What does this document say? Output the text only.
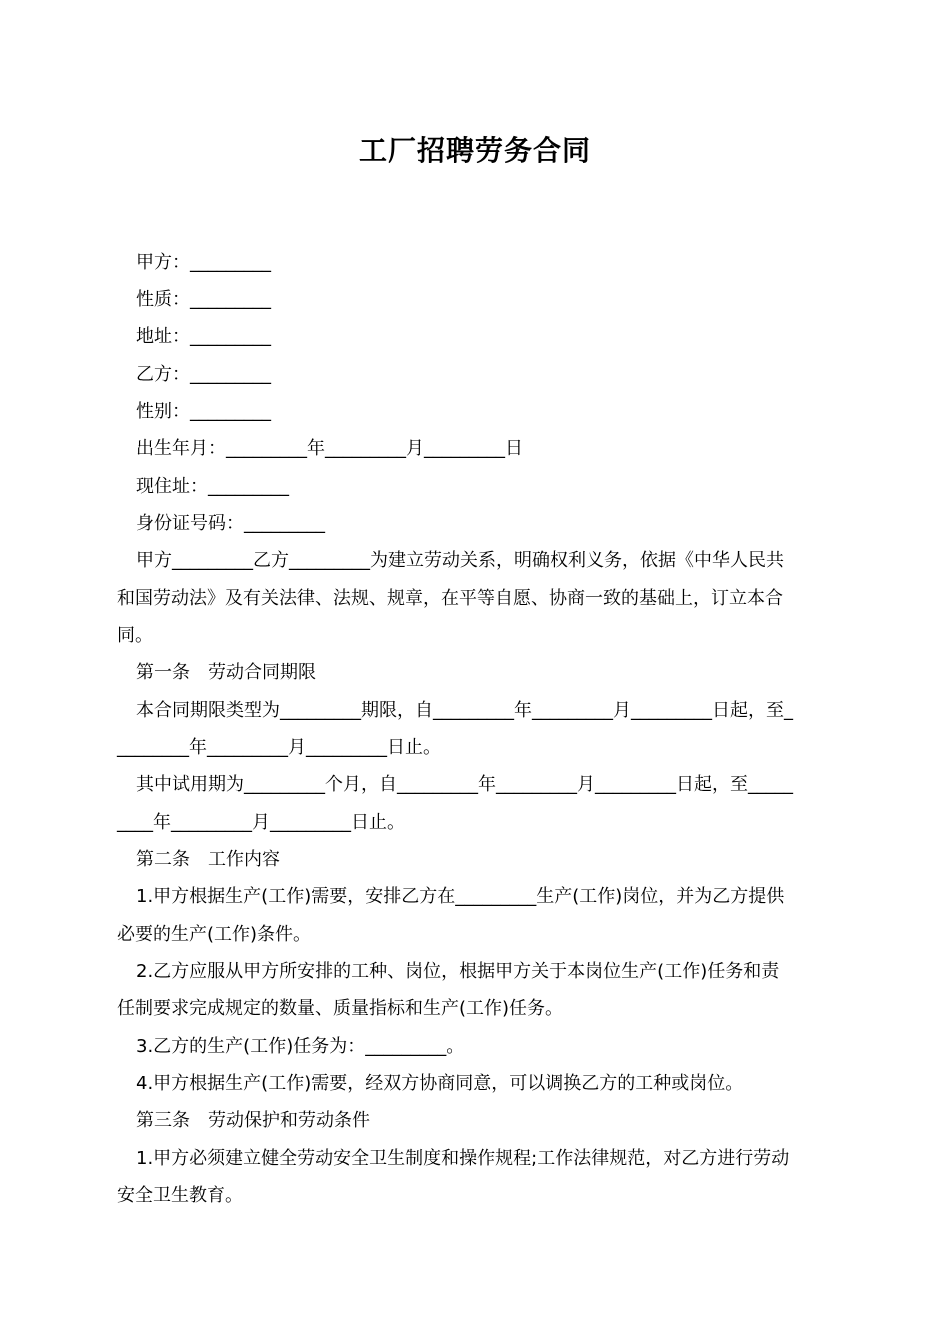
工厂招聘劳务合同
甲方：_________
性质：_________
地址：_________
乙方：_________
性别：_________
出生年月：_________年_________月_________日
现住址：_________
身份证号码：_________
甲方_________乙方_________为建立劳动关系，明确权利义务，依据《中华人民共
和国劳动法》及有关法律、法规、规章，在平等自愿、协商一致的基础上，订立本合
同。
第一条　劳动合同期限
本合同期限类型为_________期限，自_________年_________月_________日起，至_
________年_________月_________日止。
其中试用期为_________个月，自_________年_________月_________日起，至_____
____年_________月_________日止。
第二条　工作内容
1.甲方根据生产(工作)需要，安排乙方在_________生产(工作)岗位，并为乙方提供
必要的生产(工作)条件。
2.乙方应服从甲方所安排的工种、岗位，根据甲方关于本岗位生产(工作)任务和责
任制要求完成规定的数量、质量指标和生产(工作)任务。
3.乙方的生产(工作)任务为：_________。
4.甲方根据生产(工作)需要，经双方协商同意，可以调换乙方的工种或岗位。
第三条　劳动保护和劳动条件
1.甲方必须建立健全劳动安全卫生制度和操作规程;工作法律规范，对乙方进行劳动
安全卫生教育。
